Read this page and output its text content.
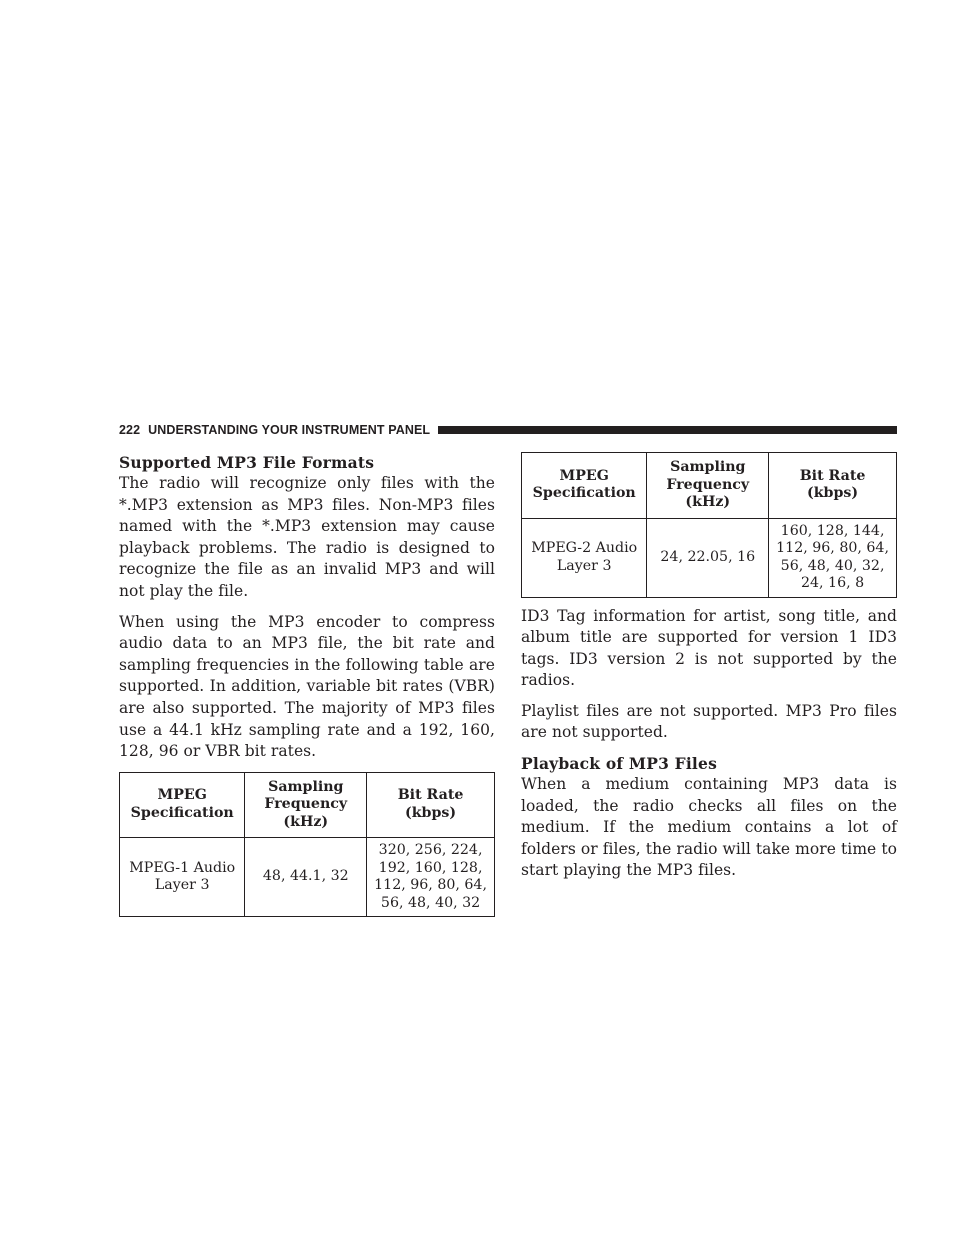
222 UNDERSTANDING YOUR INSTRUMENT PANEL
Supported MP3 File Formats

The radio will recognize only files with the *.MP3 extension as MP3 files. Non-MP3 files named with the *.MP3 extension may cause playback problems. The radio is designed to recognize the file as an invalid MP3 and will not play the file.

When using the MP3 encoder to compress audio data to an MP3 file, the bit rate and sampling frequencies in the following table are supported. In addition, variable bit rates (VBR) are also supported. The majority of MP3 files use a 44.1 kHz sampling rate and a 192, 160, 128, 96 or VBR bit rates.

MPEG Specification	Sampling Frequency (kHz)	Bit Rate (kbps)
MPEG-1 Audio Layer 3	48, 44.1, 32	320, 256, 224, 192, 160, 128, 112, 96, 80, 64, 56, 48, 40, 32
MPEG Specification	Sampling Frequency (kHz)	Bit Rate (kbps)
MPEG-2 Audio Layer 3	24, 22.05, 16	160, 128, 144, 112, 96, 80, 64, 56, 48, 40, 32, 24, 16, 8

ID3 Tag information for artist, song title, and album title are supported for version 1 ID3 tags. ID3 version 2 is not supported by the radios.

Playlist files are not supported. MP3 Pro files are not supported.

Playback of MP3 Files

When a medium containing MP3 data is loaded, the radio checks all files on the medium. If the medium contains a lot of folders or files, the radio will take more time to start playing the MP3 files.
